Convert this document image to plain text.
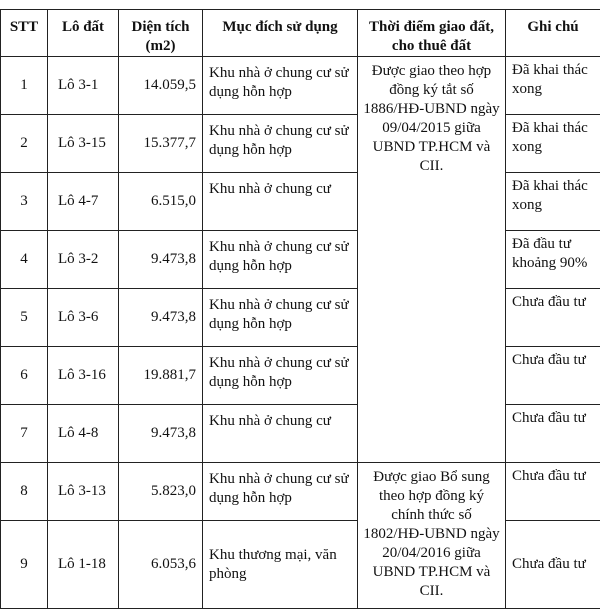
STT	Lô đất	Diện tích (m2)	Mục đích sử dụng	Thời điểm giao đất, cho thuê đất	Ghi chú
1	Lô 3-1	14.059,5	Khu nhà ở chung cư sử dụng hỗn hợp	Được giao theo hợp đồng ký tắt số 1886/HĐ-UBND ngày 09/04/2015 giữa UBND TP.HCM và CII.	Đã khai thác xong
2	Lô 3-15	15.377,7	Khu nhà ở chung cư sử dụng hỗn hợp		Đã khai thác xong
3	Lô 4-7	6.515,0	Khu nhà ở chung cư		Đã khai thác xong
4	Lô 3-2	9.473,8	Khu nhà ở chung cư sử dụng hỗn hợp		Đã đầu tư khoảng 90%
5	Lô 3-6	9.473,8	Khu nhà ở chung cư sử dụng hỗn hợp		Chưa đầu tư
6	Lô 3-16	19.881,7	Khu nhà ở chung cư sử dụng hỗn hợp		Chưa đầu tư
7	Lô 4-8	9.473,8	Khu nhà ở chung cư		Chưa đầu tư
8	Lô 3-13	5.823,0	Khu nhà ở chung cư sử dụng hỗn hợp	Được giao Bổ sung theo hợp đồng ký chính thức số 1802/HĐ-UBND ngày 20/04/2016 giữa UBND TP.HCM và CII.	Chưa đầu tư
9	Lô 1-18	6.053,6	Khu thương mại, văn phòng		Chưa đầu tư
